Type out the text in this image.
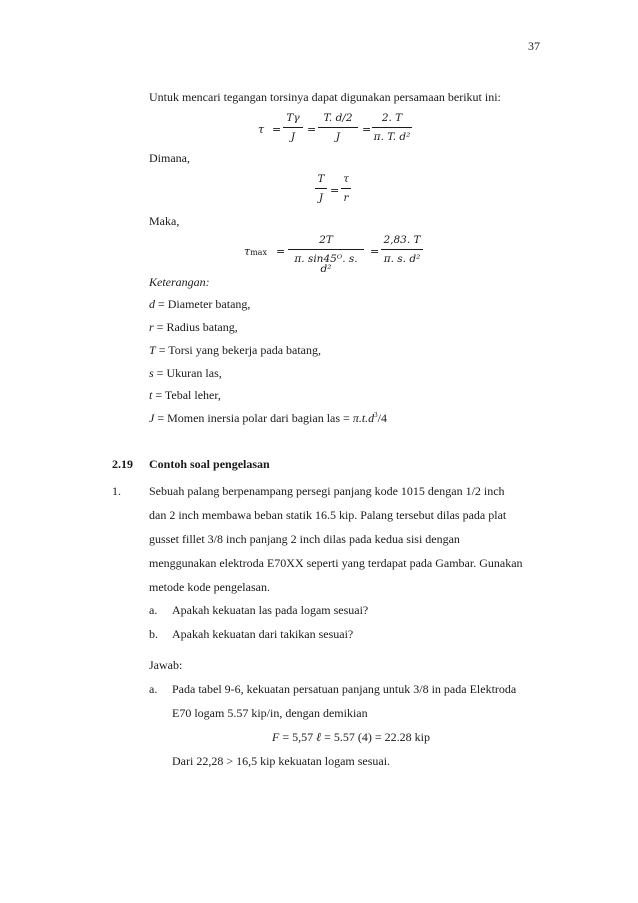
37
Untuk mencari tegangan torsinya dapat digunakan persamaan berikut ini:
τ =
Tγ
J
=
T. d/2
J
=
2. T
π. T. d²
Dimana,
T
J
=
τ
r
Maka,
τmax =
2T
π. sin45ᴼ. s. d²
=
2,83. T
π. s. d²
Keterangan:
d = Diameter batang,
r = Radius batang,
T = Torsi yang bekerja pada batang,
s = Ukuran las,
t = Tebal leher,
J = Momen inersia polar dari bagian las = $\pi.t.d^3/4$
2.19 Contoh soal pengelasan
1. Sebuah palang berpenampang persegi panjang kode 1015 dengan 1/2 inch
dan 2 inch membawa beban statik 16.5 kip. Palang tersebut dilas pada plat
gusset fillet 3/8 inch panjang 2 inch dilas pada kedua sisi dengan
menggunakan elektroda E70XX seperti yang terdapat pada Gambar. Gunakan
metode kode pengelasan.
a. Apakah kekuatan las pada logam sesuai?
b. Apakah kekuatan dari takikan sesuai?
Jawab:
a. Pada tabel 9-6, kekuatan persatuan panjang untuk 3/8 in pada Elektroda
E70 logam 5.57 kip/in, dengan demikian
F = 5,57 ℓ = 5.57 (4) = 22.28 kip
Dari 22,28 > 16,5 kip kekuatan logam sesuai.
